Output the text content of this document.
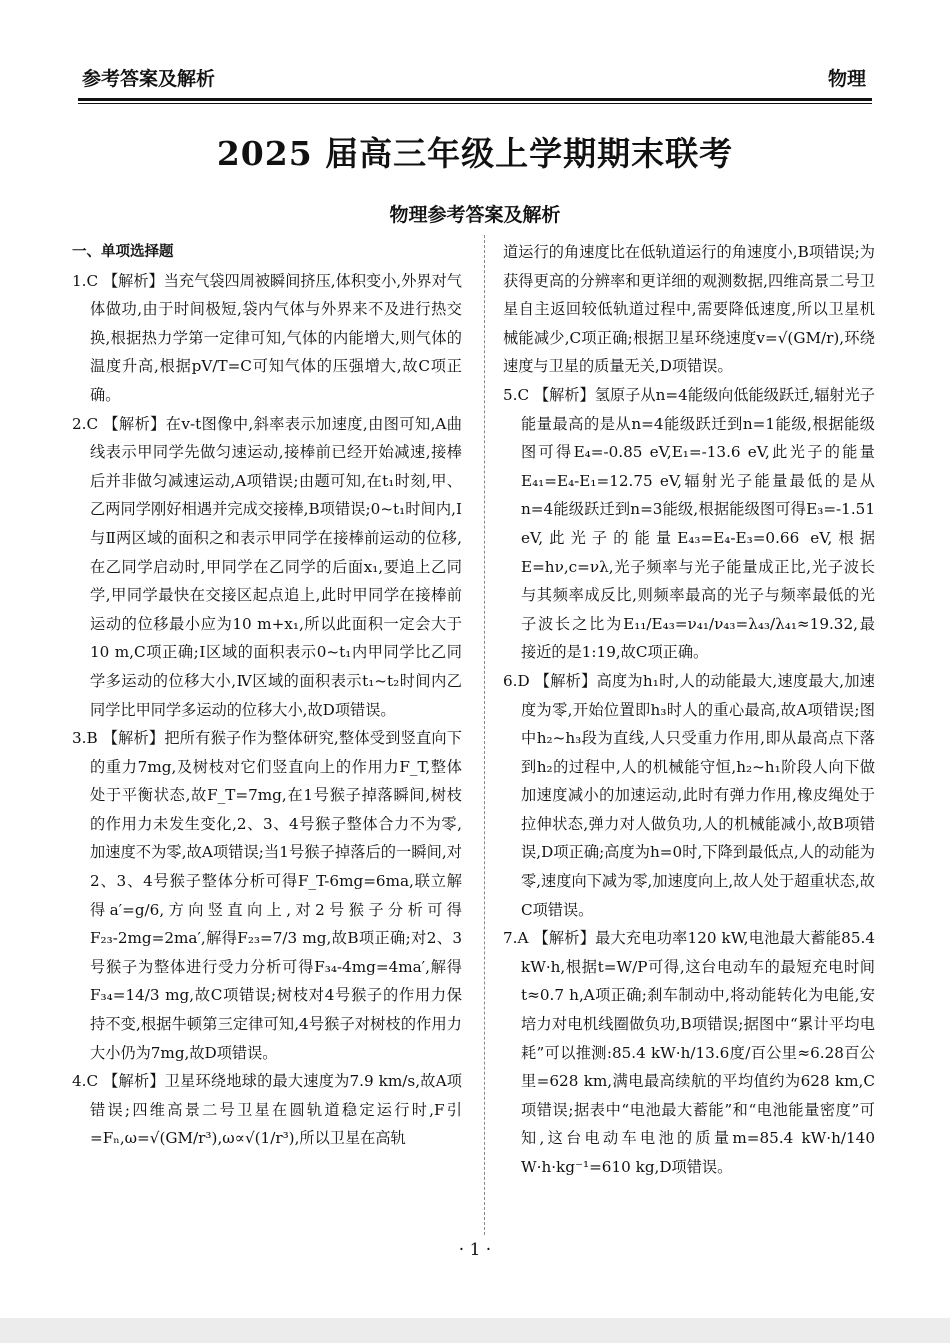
参考答案及解析	物理
2025 届高三年级上学期期末联考
物理参考答案及解析
一、单项选择题

1.C 【解析】当充气袋四周被瞬间挤压,体积变小,外界对气体做功,由于时间极短,袋内气体与外界来不及进行热交换,根据热力学第一定律可知,气体的内能增大,则气体的温度升高,根据pV/T=C可知气体的压强增大,故C项正确。

2.C 【解析】在v-t图像中,斜率表示加速度,由图可知,A曲线表示甲同学先做匀速运动,接棒前已经开始减速,接棒后并非做匀减速运动,A项错误;由题可知,在t₁时刻,甲、乙两同学刚好相遇并完成交接棒,B项错误;0~t₁时间内,Ⅰ与Ⅱ两区域的面积之和表示甲同学在接棒前运动的位移,在乙同学启动时,甲同学在乙同学的后面x₁,要追上乙同学,甲同学最快在交接区起点追上,此时甲同学在接棒前运动的位移最小应为10 m+x₁,所以此面积一定会大于10 m,C项正确;Ⅰ区域的面积表示0~t₁内甲同学比乙同学多运动的位移大小,Ⅳ区域的面积表示t₁~t₂时间内乙同学比甲同学多运动的位移大小,故D项错误。

3.B 【解析】把所有猴子作为整体研究,整体受到竖直向下的重力7mg,及树枝对它们竖直向上的作用力F_T,整体处于平衡状态,故F_T=7mg,在1号猴子掉落瞬间,树枝的作用力未发生变化,2、3、4号猴子整体合力不为零,加速度不为零,故A项错误;当1号猴子掉落后的一瞬间,对2、3、4号猴子整体分析可得F_T-6mg=6ma,联立解得a′=g/6,方向竖直向上,对2号猴子分析可得F₂₃-2mg=2ma′,解得F₂₃=7/3 mg,故B项正确;对2、3号猴子为整体进行受力分析可得F₃₄-4mg=4ma′,解得F₃₄=14/3 mg,故C项错误;树枝对4号猴子的作用力保持不变,根据牛顿第三定律可知,4号猴子对树枝的作用力大小仍为7mg,故D项错误。

4.C 【解析】卫星环绕地球的最大速度为7.9 km/s,故A项错误;四维高景二号卫星在圆轨道稳定运行时,F引=Fₙ,ω=√(GM/r³),ω∝√(1/r³),所以卫星在高轨

道运行的角速度比在低轨道运行的角速度小,B项错误;为获得更高的分辨率和更详细的观测数据,四维高景二号卫星自主返回较低轨道过程中,需要降低速度,所以卫星机械能减少,C项正确;根据卫星环绕速度v=√(GM/r),环绕速度与卫星的质量无关,D项错误。

5.C 【解析】氢原子从n=4能级向低能级跃迁,辐射光子能量最高的是从n=4能级跃迁到n=1能级,根据能级图可得E₄=-0.85 eV,E₁=-13.6 eV,此光子的能量E₄₁=E₄-E₁=12.75 eV,辐射光子能量最低的是从n=4能级跃迁到n=3能级,根据能级图可得E₃=-1.51 eV,此光子的能量E₄₃=E₄-E₃=0.66 eV,根据E=hν,c=νλ,光子频率与光子能量成正比,光子波长与其频率成反比,则频率最高的光子与频率最低的光子波长之比为E₁₁/E₄₃=ν₄₁/ν₄₃=λ₄₃/λ₄₁≈19.32,最接近的是1:19,故C项正确。

6.D 【解析】高度为h₁时,人的动能最大,速度最大,加速度为零,开始位置即h₃时人的重心最高,故A项错误;图中h₂~h₃段为直线,人只受重力作用,即从最高点下落到h₂的过程中,人的机械能守恒,h₂~h₁阶段人向下做加速度减小的加速运动,此时有弹力作用,橡皮绳处于拉伸状态,弹力对人做负功,人的机械能减小,故B项错误,D项正确;高度为h=0时,下降到最低点,人的动能为零,速度向下减为零,加速度向上,故人处于超重状态,故C项错误。

7.A 【解析】最大充电功率120 kW,电池最大蓄能85.4 kW·h,根据t=W/P可得,这台电动车的最短充电时间t≈0.7 h,A项正确;刹车制动中,将动能转化为电能,安培力对电机线圈做负功,B项错误;据图中“累计平均电耗”可以推测:85.4 kW·h/13.6度/百公里≈6.28百公里=628 km,满电最高续航的平均值约为628 km,C项错误;据表中“电池最大蓄能”和“电池能量密度”可知,这台电动车电池的质量m=85.4 kW·h/140 W·h·kg⁻¹=610 kg,D项错误。

· 1 ·
